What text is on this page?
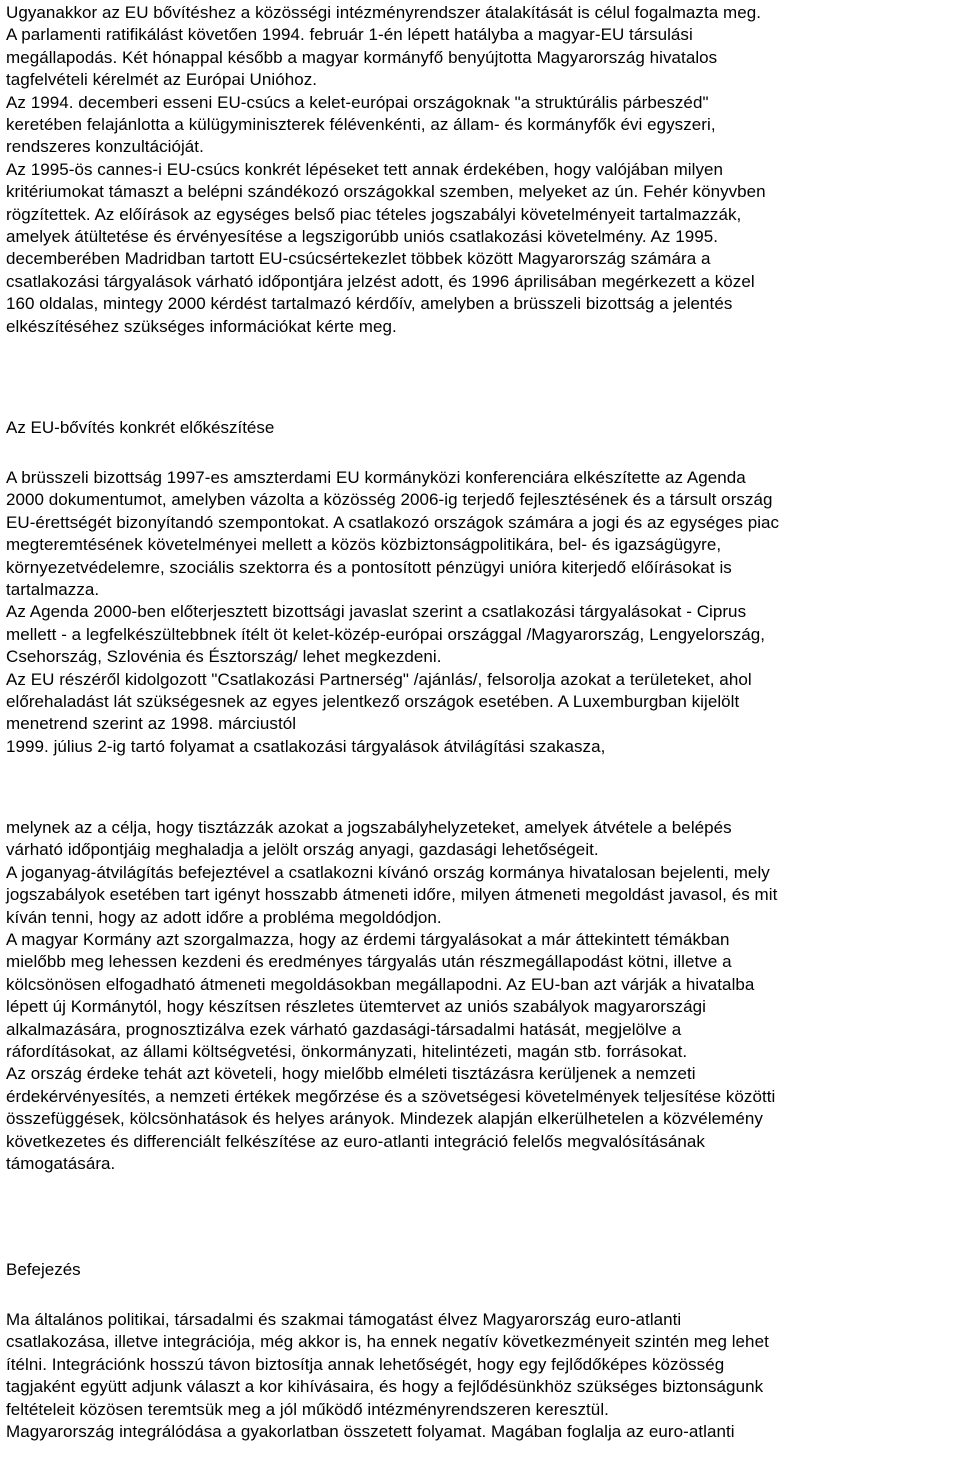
Ugyanakkor az EU bővítéshez a közösségi intézményrendszer átalakítását is célul fogalmazta meg.
A parlamenti ratifikálást követően 1994. február 1-én lépett hatályba a magyar-EU társulási
megállapodás. Két hónappal később a magyar kormányfő benyújtotta Magyarország hivatalos
tagfelvételi kérelmét az Európai Unióhoz.
Az 1994. decemberi esseni EU-csúcs a kelet-európai országoknak "a struktúrális párbeszéd"
keretében felajánlotta a külügyminiszterek félévenkénti, az állam- és kormányfők évi egyszeri,
rendszeres konzultációját.
Az 1995-ös cannes-i EU-csúcs konkrét lépéseket tett annak érdekében, hogy valójában milyen
kritériumokat támaszt a belépni szándékozó országokkal szemben, melyeket az ún. Fehér könyvben
rögzítettek. Az előírások az egységes belső piac tételes jogszabályi követelményeit tartalmazzák,
amelyek átültetése és érvényesítése a legszigorúbb uniós csatlakozási követelmény. Az 1995.
decemberében Madridban tartott EU-csúcsértekezlet többek között Magyarország számára a
csatlakozási tárgyalások várható időpontjára jelzést adott, és 1996 áprilisában megérkezett a közel
160 oldalas, mintegy 2000 kérdést tartalmazó kérdőív, amelyben a brüsszeli bizottság a jelentés
elkészítéséhez szükséges információkat kérte meg.
Az EU-bővítés konkrét előkészítése
A brüsszeli bizottság 1997-es amszterdami EU kormányközi konferenciára elkészítette az Agenda
2000 dokumentumot, amelyben vázolta a közösség 2006-ig terjedő fejlesztésének és a társult ország
EU-érettségét bizonyítandó szempontokat. A csatlakozó országok számára a jogi és az egységes piac
megteremtésének követelményei mellett a közös közbiztonságpolitikára, bel- és igazságügyre,
környezetvédelemre, szociális szektorra és a pontosított pénzügyi unióra kiterjedő előírásokat is
tartalmazza.
Az Agenda 2000-ben előterjesztett bizottsági javaslat szerint a csatlakozási tárgyalásokat - Ciprus
mellett - a legfelkészültebbnek ítélt öt kelet-közép-európai országgal /Magyarország, Lengyelország,
Csehország, Szlovénia és Észtország/ lehet megkezdeni.
Az EU részéről kidolgozott "Csatlakozási Partnerség" /ajánlás/, felsorolja azokat a területeket, ahol
előrehaladást lát szükségesnek az egyes jelentkező országok esetében. A Luxemburgban kijelölt
menetrend szerint az 1998. márciustól
1999. július 2-ig tartó folyamat a csatlakozási tárgyalások átvilágítási szakasza,
melynek az a célja, hogy tisztázzák azokat a jogszabályhelyzeteket, amelyek átvétele a belépés
várható időpontjáig meghaladja a jelölt ország anyagi, gazdasági lehetőségeit.
A joganyag-átvilágítás befejeztével a csatlakozni kívánó ország kormánya hivatalosan bejelenti, mely
jogszabályok esetében tart igényt hosszabb átmeneti időre, milyen átmeneti megoldást javasol, és mit
kíván tenni, hogy az adott időre a probléma megoldódjon.
A magyar Kormány azt szorgalmazza, hogy az érdemi tárgyalásokat a már áttekintett témákban
mielőbb meg lehessen kezdeni és eredményes tárgyalás után részmegállapodást kötni, illetve a
kölcsönösen elfogadható átmeneti megoldásokban megállapodni. Az EU-ban azt várják a hivatalba
lépett új Kormánytól, hogy készítsen részletes ütemtervet az uniós szabályok magyarországi
alkalmazására, prognosztizálva ezek várható gazdasági-társadalmi hatását, megjelölve a
ráfordításokat, az állami költségvetési, önkormányzati, hitelintézeti, magán stb. forrásokat.
Az ország érdeke tehát azt követeli, hogy mielőbb elméleti tisztázásra kerüljenek a nemzeti
érdekérvényesítés, a nemzeti értékek megőrzése és a szövetségesi követelmények teljesítése közötti
összefüggések, kölcsönhatások és helyes arányok. Mindezek alapján elkerülhetelen a közvélemény
következetes és differenciált felkészítése az euro-atlanti integráció felelős megvalósításának
támogatására.
Befejezés
Ma általános politikai, társadalmi és szakmai támogatást élvez Magyarország euro-atlanti
csatlakozása, illetve integrációja, még akkor is, ha ennek negatív következményeit szintén meg lehet
ítélni. Integrációnk hosszú távon biztosítja annak lehetőségét, hogy egy fejlődőképes közösség
tagjaként együtt adjunk választ a kor kihívásaira, és hogy a fejlődésünkhöz szükséges biztonságunk
feltételeit közösen teremtsük meg a jól működő intézményrendszeren keresztül.
Magyarország integrálódása a gyakorlatban összetett folyamat. Magában foglalja az euro-atlanti
